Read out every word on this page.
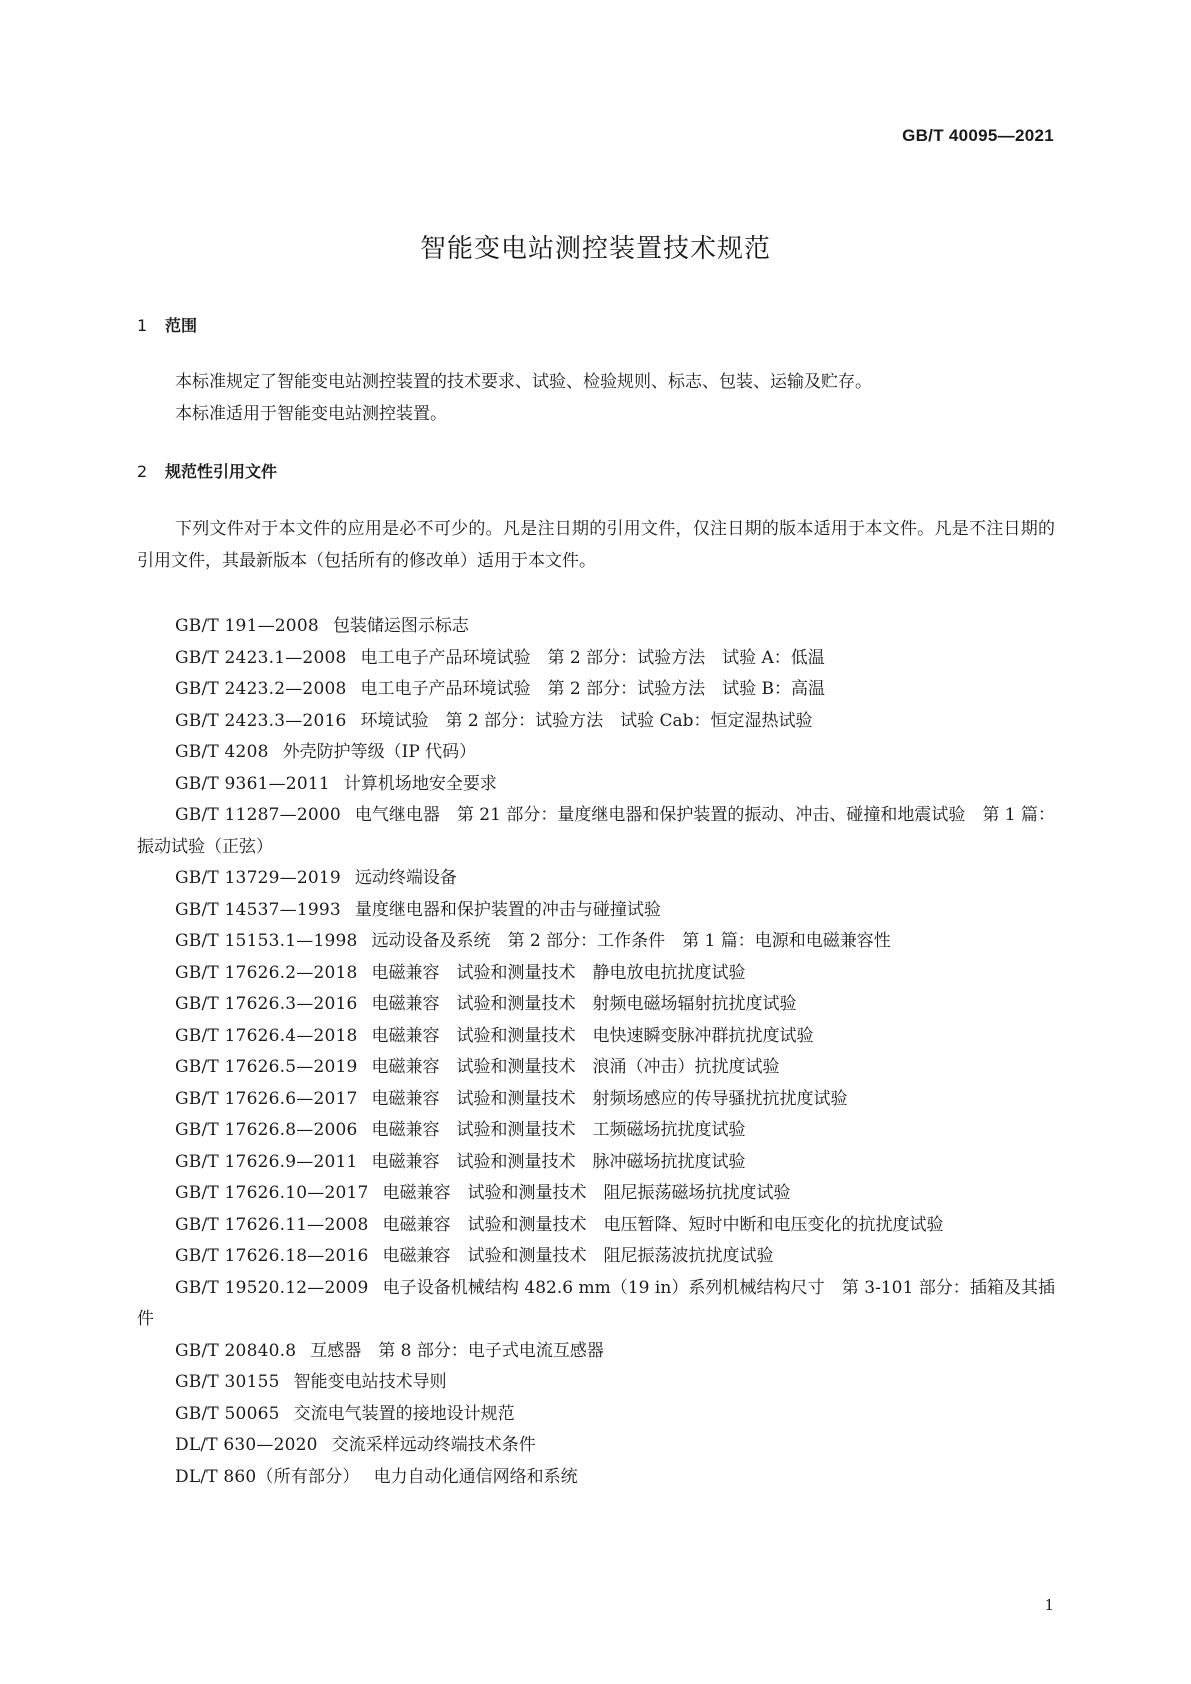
GB/T 40095—2021
智能变电站测控装置技术规范
1 范围

本标准规定了智能变电站测控装置的技术要求、试验、检验规则、标志、包装、运输及贮存。

本标准适用于智能变电站测控装置。

2 规范性引用文件

下列文件对于本文件的应用是必不可少的。凡是注日期的引用文件，仅注日期的版本适用于本文件。凡是不注日期的引用文件，其最新版本（包括所有的修改单）适用于本文件。

GB/T 191—2008 包装储运图示标志

GB/T 2423.1—2008 电工电子产品环境试验　第 2 部分：试验方法　试验 A：低温

GB/T 2423.2—2008 电工电子产品环境试验　第 2 部分：试验方法　试验 B：高温

GB/T 2423.3—2016 环境试验　第 2 部分：试验方法　试验 Cab：恒定湿热试验

GB/T 4208 外壳防护等级（IP 代码）

GB/T 9361—2011 计算机场地安全要求

GB/T 11287—2000 电气继电器　第 21 部分：量度继电器和保护装置的振动、冲击、碰撞和地震试验　第 1 篇：振动试验（正弦）

GB/T 13729—2019 远动终端设备

GB/T 14537—1993 量度继电器和保护装置的冲击与碰撞试验

GB/T 15153.1—1998 远动设备及系统　第 2 部分：工作条件　第 1 篇：电源和电磁兼容性

GB/T 17626.2—2018 电磁兼容　试验和测量技术　静电放电抗扰度试验

GB/T 17626.3—2016 电磁兼容　试验和测量技术　射频电磁场辐射抗扰度试验

GB/T 17626.4—2018 电磁兼容　试验和测量技术　电快速瞬变脉冲群抗扰度试验

GB/T 17626.5—2019 电磁兼容　试验和测量技术　浪涌（冲击）抗扰度试验

GB/T 17626.6—2017 电磁兼容　试验和测量技术　射频场感应的传导骚扰抗扰度试验

GB/T 17626.8—2006 电磁兼容　试验和测量技术　工频磁场抗扰度试验

GB/T 17626.9—2011 电磁兼容　试验和测量技术　脉冲磁场抗扰度试验

GB/T 17626.10—2017 电磁兼容　试验和测量技术　阻尼振荡磁场抗扰度试验

GB/T 17626.11—2008 电磁兼容　试验和测量技术　电压暂降、短时中断和电压变化的抗扰度试验

GB/T 17626.18—2016 电磁兼容　试验和测量技术　阻尼振荡波抗扰度试验

GB/T 19520.12—2009 电子设备机械结构 482.6 mm（19 in）系列机械结构尺寸　第 3-101 部分：插箱及其插件

GB/T 20840.8 互感器　第 8 部分：电子式电流互感器

GB/T 30155 智能变电站技术导则

GB/T 50065 交流电气装置的接地设计规范

DL/T 630—2020 交流采样远动终端技术条件

DL/T 860（所有部分） 电力自动化通信网络和系统

1
